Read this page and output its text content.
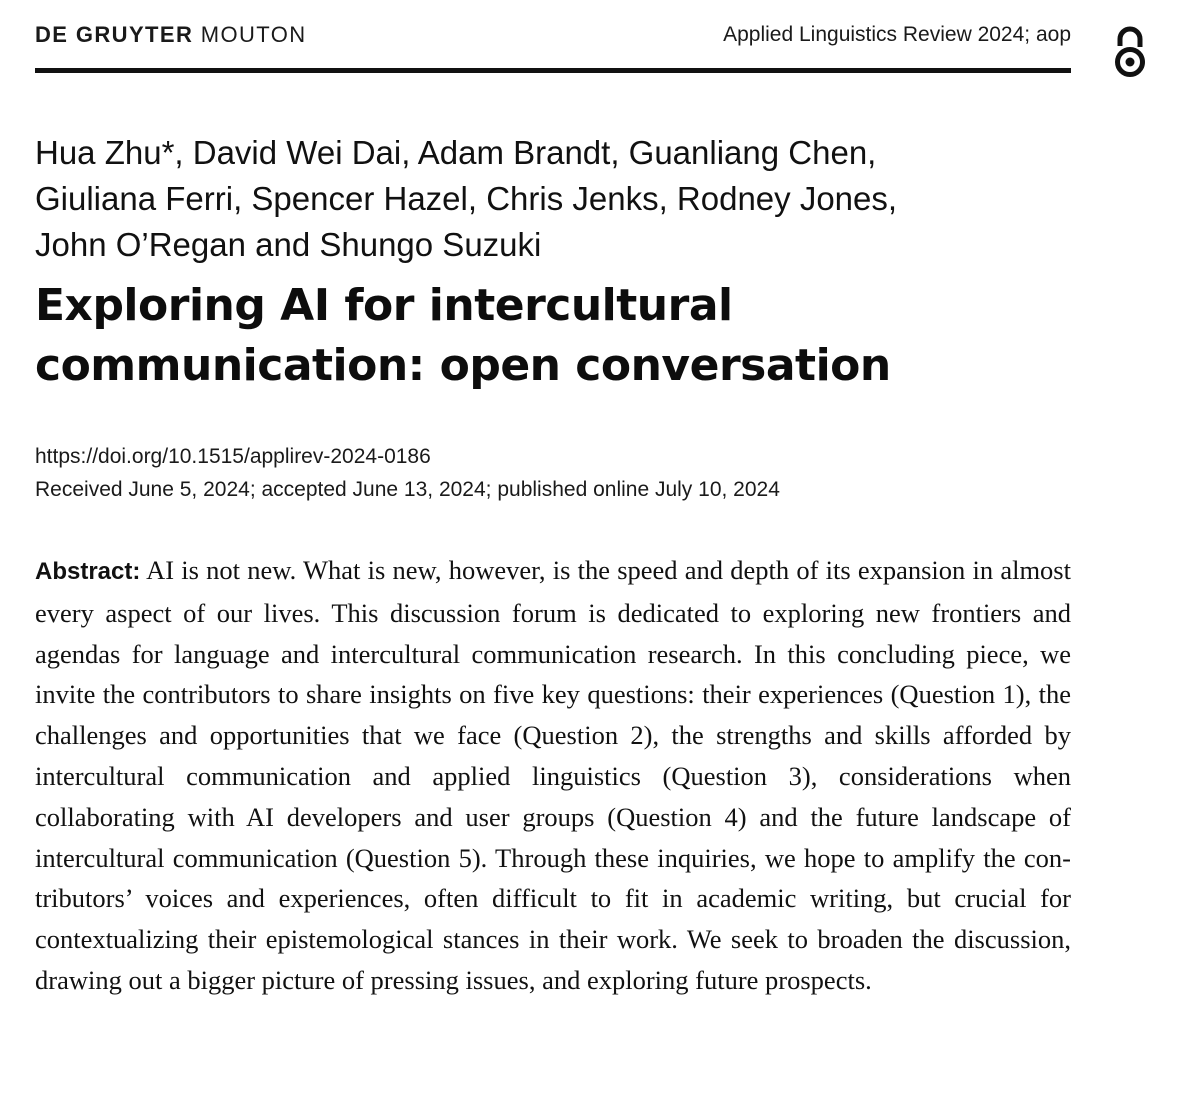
DE GRUYTER MOUTON	Applied Linguistics Review 2024; aop
Hua Zhu*, David Wei Dai, Adam Brandt, Guanliang Chen,
Giuliana Ferri, Spencer Hazel, Chris Jenks, Rodney Jones,
John O’Regan and Shungo Suzuki
Exploring AI for intercultural
communication: open conversation
https://doi.org/10.1515/applirev-2024-0186
Received June 5, 2024; accepted June 13, 2024; published online July 10, 2024
Abstract: AI is not new. What is new, however, is the speed and depth of its expansion in almost every aspect of our lives. This discussion forum is dedicated to exploring new frontiers and agendas for language and intercultural communication research. In this concluding piece, we invite the contributors to share insights on five key questions: their experiences (Question 1), the challenges and opportunities that we face (Question 2), the strengths and skills afforded by intercultural communication and applied linguistics (Question 3), considerations when collaborating with AI developers and user groups (Question 4) and the future landscape of intercultural communication (Question 5). Through these inquiries, we hope to amplify the contributors’ voices and experiences, often difficult to fit in academic writing, but crucial for contextualizing their epistemological stances in their work. We seek to broaden the discussion, drawing out a bigger picture of pressing issues, and exploring future prospects.
